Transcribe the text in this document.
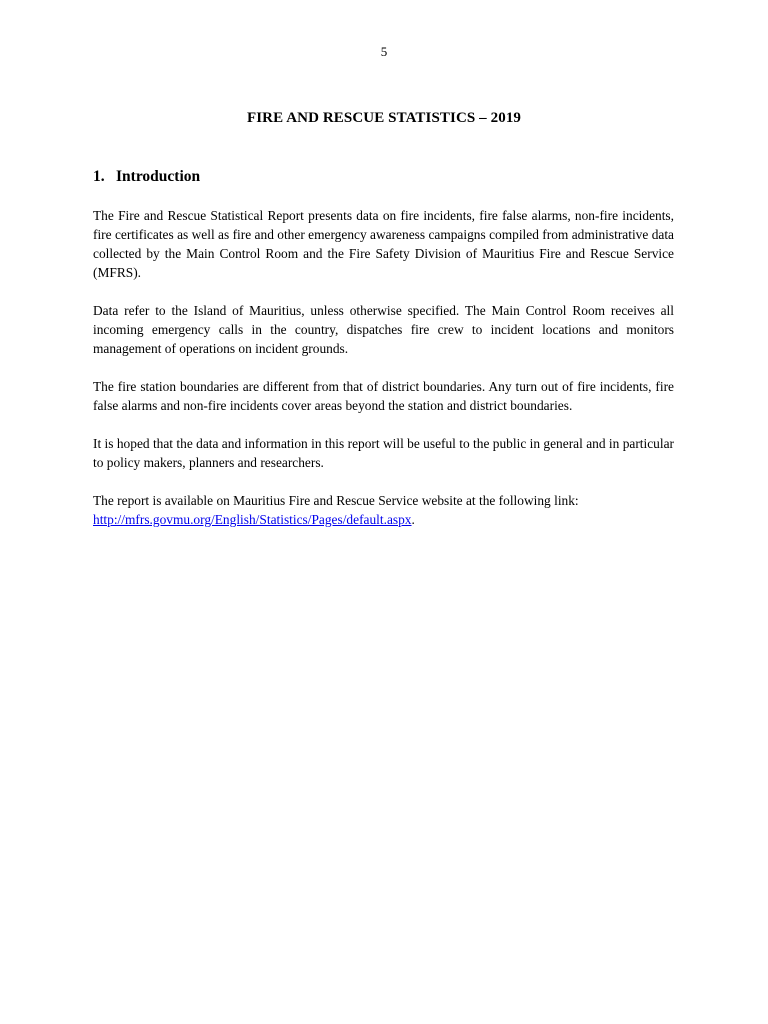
5
FIRE AND RESCUE STATISTICS – 2019
1. Introduction

The Fire and Rescue Statistical Report presents data on fire incidents, fire false alarms, non-fire incidents, fire certificates as well as fire and other emergency awareness campaigns compiled from administrative data collected by the Main Control Room and the Fire Safety Division of Mauritius Fire and Rescue Service (MFRS).

Data refer to the Island of Mauritius, unless otherwise specified. The Main Control Room receives all incoming emergency calls in the country, dispatches fire crew to incident locations and monitors management of operations on incident grounds.

The fire station boundaries are different from that of district boundaries. Any turn out of fire incidents, fire false alarms and non-fire incidents cover areas beyond the station and district boundaries.

It is hoped that the data and information in this report will be useful to the public in general and in particular to policy makers, planners and researchers.

The report is available on Mauritius Fire and Rescue Service website at the following link:
http://mfrs.govmu.org/English/Statistics/Pages/default.aspx.
